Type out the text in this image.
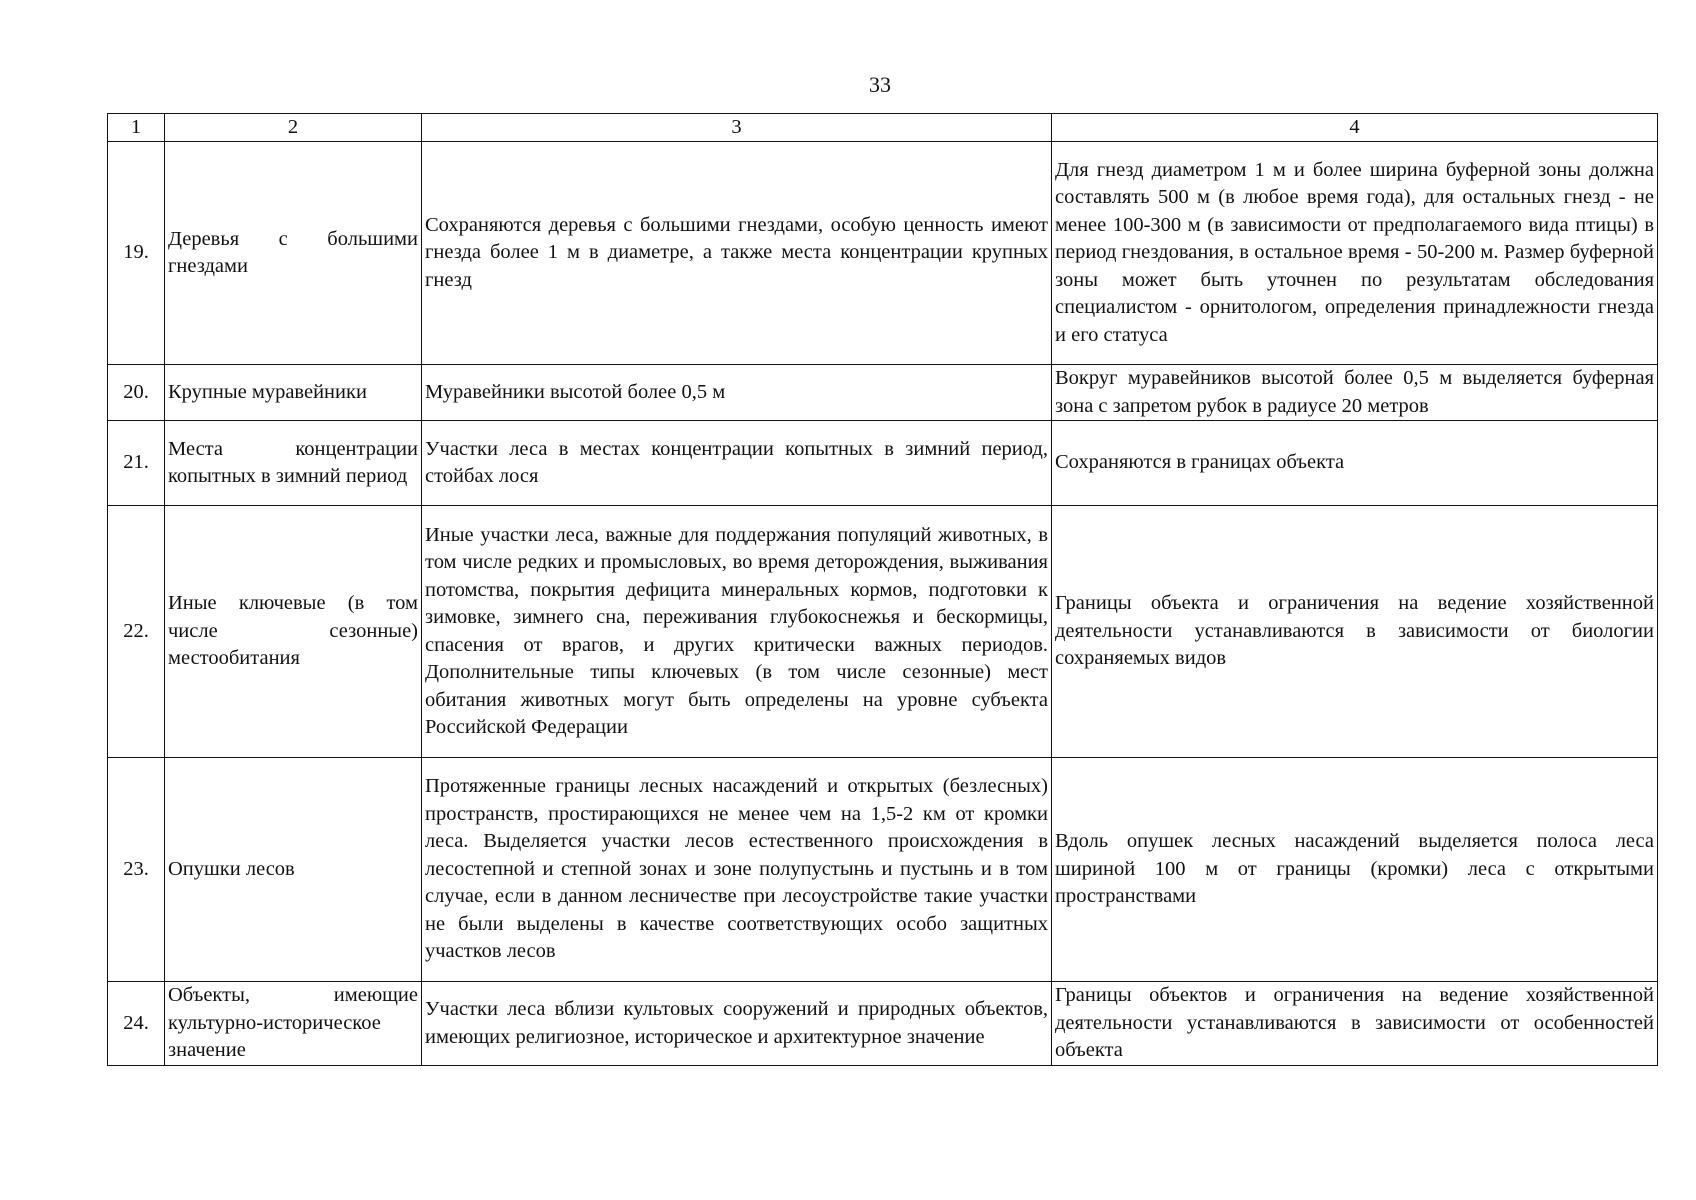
33
1	2	3	4
19.	Деревья с большими гнездами	Сохраняются деревья с большими гнездами, особую ценность имеют гнезда более 1 м в диаметре, а также места концентрации крупных гнезд	Для гнезд диаметром 1 м и более ширина буферной зоны должна составлять 500 м (в любое время года), для остальных гнезд - не менее 100-300 м (в зависимости от предполагаемого вида птицы) в период гнездования, в остальное время - 50-200 м. Размер буферной зоны может быть уточнен по результатам обследования специалистом - орнитологом, определения принадлежности гнезда и его статуса
20.	Крупные муравейники	Муравейники высотой более 0,5 м	Вокруг муравейников высотой более 0,5 м выделяется буферная зона с запретом рубок в радиусе 20 метров
21.	Места концентрации копытных в зимний период	Участки леса в местах концентрации копытных в зимний период, стойбах лося	Сохраняются в границах объекта
22.	Иные ключевые (в том числе сезонные) местообитания	Иные участки леса, важные для поддержания популяций животных, в том числе редких и промысловых, во время деторождения, выживания потомства, покрытия дефицита минеральных кормов, подготовки к зимовке, зимнего сна, переживания глубокоснежья и бескормицы, спасения от врагов, и других критически важных периодов. Дополнительные типы ключевых (в том числе сезонные) мест обитания животных могут быть определены на уровне субъекта Российской Федерации	Границы объекта и ограничения на ведение хозяйственной деятельности устанавливаются в зависимости от биологии сохраняемых видов
23.	Опушки лесов	Протяженные границы лесных насаждений и открытых (безлесных) пространств, простирающихся не менее чем на 1,5-2 км от кромки леса. Выделяется участки лесов естественного происхождения в лесостепной и степной зонах и зоне полупустынь и пустынь и в том случае, если в данном лесничестве при лесоустройстве такие участки не были выделены в качестве соответствующих особо защитных участков лесов	Вдоль опушек лесных насаждений выделяется полоса леса шириной 100 м от границы (кромки) леса с открытыми пространствами
24.	Объекты, имеющие культурно-историческое значение	Участки леса вблизи культовых сооружений и природных объектов, имеющих религиозное, историческое и архитектурное значение	Границы объектов и ограничения на ведение хозяйственной деятельности устанавливаются в зависимости от особенностей объекта
